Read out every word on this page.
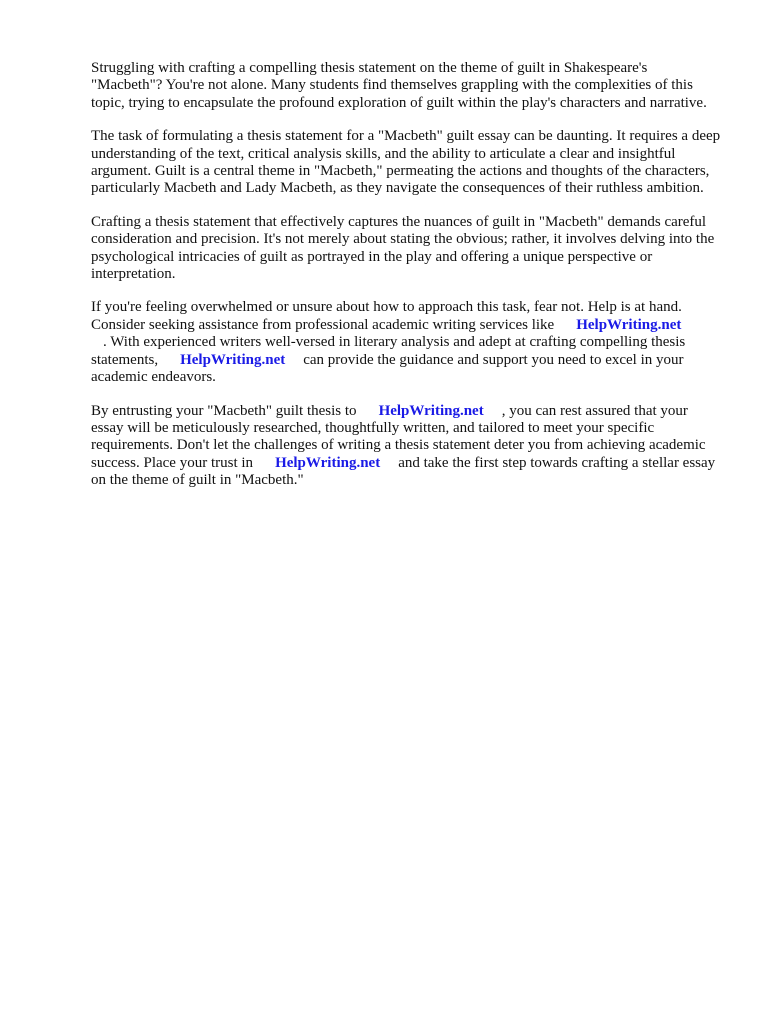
Struggling with crafting a compelling thesis statement on the theme of guilt in Shakespeare's "Macbeth"? You're not alone. Many students find themselves grappling with the complexities of this topic, trying to encapsulate the profound exploration of guilt within the play's characters and narrative.

The task of formulating a thesis statement for a "Macbeth" guilt essay can be daunting. It requires a deep understanding of the text, critical analysis skills, and the ability to articulate a clear and insightful argument. Guilt is a central theme in "Macbeth," permeating the actions and thoughts of the characters, particularly Macbeth and Lady Macbeth, as they navigate the consequences of their ruthless ambition.

Crafting a thesis statement that effectively captures the nuances of guilt in "Macbeth" demands careful consideration and precision. It's not merely about stating the obvious; rather, it involves delving into the psychological intricacies of guilt as portrayed in the play and offering a unique perspective or interpretation.

If you're feeling overwhelmed or unsure about how to approach this task, fear not. Help is at hand. Consider seeking assistance from professional academic writing services like HelpWriting.net
. With experienced writers well-versed in literary analysis and adept at crafting compelling thesis statements, HelpWriting.net can provide the guidance and support you need to excel in your academic endeavors.

By entrusting your "Macbeth" guilt thesis to HelpWriting.net , you can rest assured that your essay will be meticulously researched, thoughtfully written, and tailored to meet your specific requirements. Don't let the challenges of writing a thesis statement deter you from achieving academic success. Place your trust in HelpWriting.net and take the first step towards crafting a stellar essay on the theme of guilt in "Macbeth."
